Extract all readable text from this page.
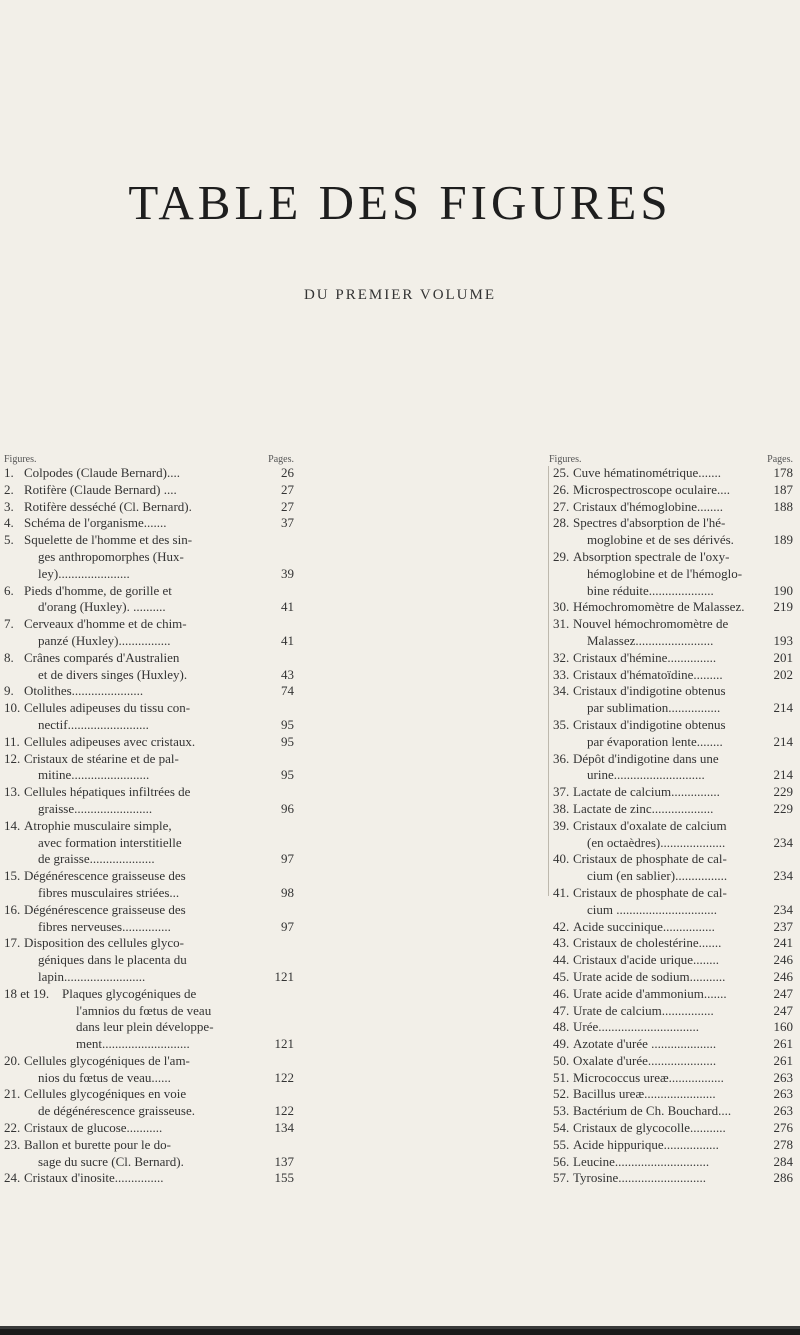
TABLE DES FIGURES
DU PREMIER VOLUME
Figures.	Pages.
1. Colpodes (Claude Bernard)....	26
2. Rotifère (Claude Bernard) ....	27
3. Rotifère desséché (Cl. Bernard).	27
4. Schéma de l'organisme.......	37
5. Squelette de l'homme et des sin-
ges anthropomorphes (Hux-
ley)......................	39
6. Pieds d'homme, de gorille et
d'orang (Huxley). ..........	41
7. Cerveaux d'homme et de chim-
panzé (Huxley)................	41
8. Crânes comparés d'Australien
et de divers singes (Huxley).	43
9. Otolithes......................	74
10. Cellules adipeuses du tissu con-
nectif.........................	95
11. Cellules adipeuses avec cristaux.	95
12. Cristaux de stéarine et de pal-
mitine........................	95
13. Cellules hépatiques infiltrées de
graisse........................	96
14. Atrophie musculaire simple,
avec formation interstitielle
de graisse....................	97
15. Dégénérescence graisseuse des
fibres musculaires striées...	98
16. Dégénérescence graisseuse des
fibres nerveuses...............	97
17. Disposition des cellules glyco-
géniques dans le placenta du
lapin.........................	121
18 et 19. Plaques glycogéniques de
l'amnios du fœtus de veau
dans leur plein développe-
ment...........................	121
20. Cellules glycogéniques de l'am-
nios du fœtus de veau......	122
21. Cellules glycogéniques en voie
de dégénérescence graisseuse.	122
22. Cristaux de glucose...........	134
23. Ballon et burette pour le do-
sage du sucre (Cl. Bernard).	137
24. Cristaux d'inosite...............	155
Figures.	Pages.
25. Cuve hématinométrique.......	178
26. Microspectroscope oculaire....	187
27. Cristaux d'hémoglobine........	188
28. Spectres d'absorption de l'hé-
moglobine et de ses dérivés.	189
29. Absorption spectrale de l'oxy-
hémoglobine et de l'hémoglo-
bine réduite....................	190
30. Hémochromomètre de Malassez.	219
31. Nouvel hémochromomètre de
Malassez........................	193
32. Cristaux d'hémine...............	201
33. Cristaux d'hématoïdine.........	202
34. Cristaux d'indigotine obtenus
par sublimation................	214
35. Cristaux d'indigotine obtenus
par évaporation lente........	214
36. Dépôt d'indigotine dans une
urine............................	214
37. Lactate de calcium...............	229
38. Lactate de zinc...................	229
39. Cristaux d'oxalate de calcium
(en octaèdres)....................	234
40. Cristaux de phosphate de cal-
cium (en sablier)................	234
41. Cristaux de phosphate de cal-
cium ...............................	234
42. Acide succinique................	237
43. Cristaux de cholestérine.......	241
44. Cristaux d'acide urique........	246
45. Urate acide de sodium...........	246
46. Urate acide d'ammonium.......	247
47. Urate de calcium................	247
48. Urée...............................	160
49. Azotate d'urée ....................	261
50. Oxalate d'urée.....................	261
51. Micrococcus ureæ.................	263
52. Bacillus ureæ......................	263
53. Bactérium de Ch. Bouchard....	263
54. Cristaux de glycocolle...........	276
55. Acide hippurique.................	278
56. Leucine.............................	284
57. Tyrosine...........................	286
